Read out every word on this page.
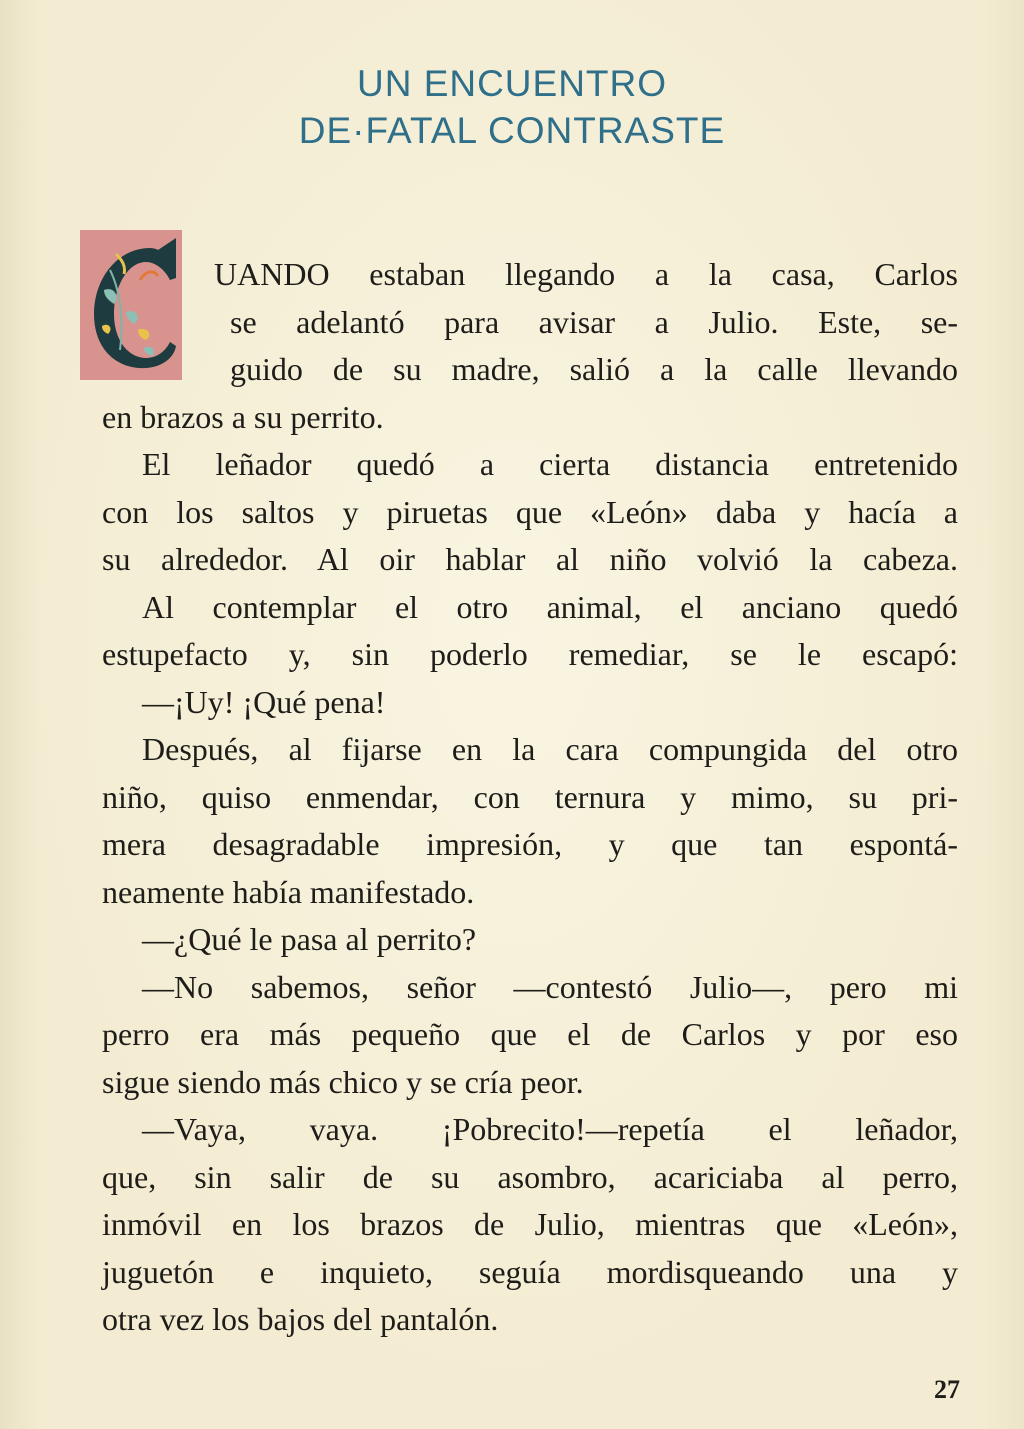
UN ENCUENTRO
DE·FATAL CONTRASTE
UANDO estaban llegando a la casa, Carlos
se adelantó para avisar a Julio. Este, se-
guido de su madre, salió a la calle llevando
en brazos a su perrito.
El leñador quedó a cierta distancia entretenido
con los saltos y piruetas que «León» daba y hacía a
su alrededor. Al oir hablar al niño volvió la cabeza.
Al contemplar el otro animal, el anciano quedó
estupefacto y, sin poderlo remediar, se le escapó:
—¡Uy! ¡Qué pena!
Después, al fijarse en la cara compungida del otro
niño, quiso enmendar, con ternura y mimo, su pri-
mera desagradable impresión, y que tan espontá-
neamente había manifestado.
—¿Qué le pasa al perrito?
—No sabemos, señor —contestó Julio—, pero mi
perro era más pequeño que el de Carlos y por eso
sigue siendo más chico y se cría peor.
—Vaya, vaya. ¡Pobrecito!—repetía el leñador,
que, sin salir de su asombro, acariciaba al perro,
inmóvil en los brazos de Julio, mientras que «León»,
juguetón e inquieto, seguía mordisqueando una y
otra vez los bajos del pantalón.
27
